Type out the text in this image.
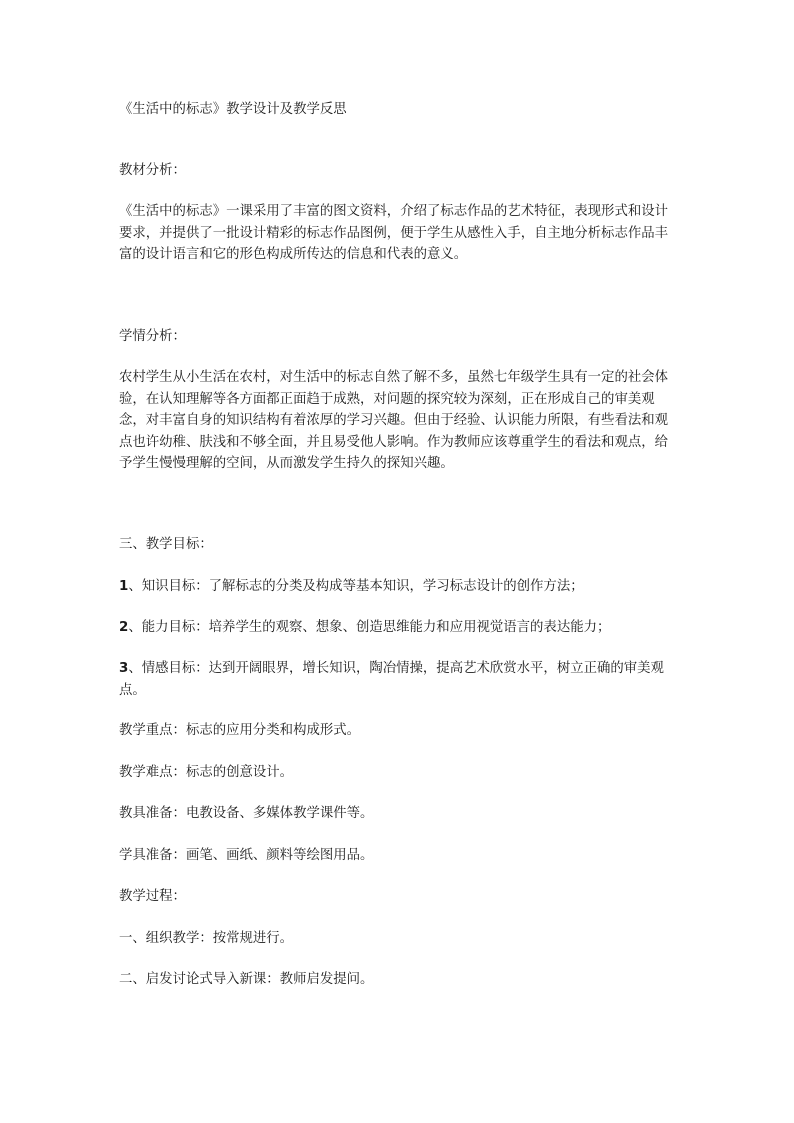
《生活中的标志》教学设计及教学反思

教材分析：

《生活中的标志》一课采用了丰富的图文资料，介绍了标志作品的艺术特征，表现形式和设计要求，并提供了一批设计精彩的标志作品图例，便于学生从感性入手，自主地分析标志作品丰富的设计语言和它的形色构成所传达的信息和代表的意义。

学情分析：

农村学生从小生活在农村，对生活中的标志自然了解不多，虽然七年级学生具有一定的社会体验，在认知理解等各方面都正面趋于成熟，对问题的探究较为深刻，正在形成自己的审美观念，对丰富自身的知识结构有着浓厚的学习兴趣。但由于经验、认识能力所限，有些看法和观点也许幼稚、肤浅和不够全面，并且易受他人影响。作为教师应该尊重学生的看法和观点，给予学生慢慢理解的空间，从而激发学生持久的探知兴趣。

三、教学目标：

1、知识目标：了解标志的分类及构成等基本知识，学习标志设计的创作方法；

2、能力目标：培养学生的观察、想象、创造思维能力和应用视觉语言的表达能力；

3、情感目标：达到开阔眼界，增长知识，陶冶情操，提高艺术欣赏水平，树立正确的审美观点。

教学重点：标志的应用分类和构成形式。

教学难点：标志的创意设计。

教具准备：电教设备、多媒体教学课件等。

学具准备：画笔、画纸、颜料等绘图用品。

教学过程：

一、组织教学：按常规进行。

二、启发讨论式导入新课：教师启发提问。
